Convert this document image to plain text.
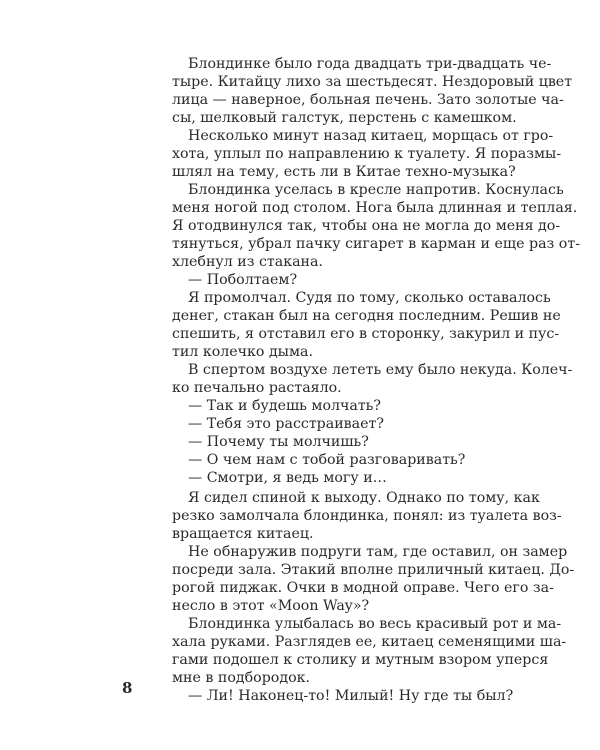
Блондинке было года двадцать три-двадцать че-
тыре. Китайцу лихо за шестьдесят. Нездоровый цвет
лица — наверное, больная печень. Зато золотые ча-
сы, шелковый галстук, перстень с камешком.
Несколько минут назад китаец, морщась от гро-
хота, уплыл по направлению к туалету. Я поразмы-
шлял на тему, есть ли в Китае техно-музыка?
Блондинка уселась в кресле напротив. Коснулась
меня ногой под столом. Нога была длинная и теплая.
Я отодвинулся так, чтобы она не могла до меня до-
тянуться, убрал пачку сигарет в карман и еще раз от-
хлебнул из стакана.
— Поболтаем?
Я промолчал. Судя по тому, сколько оставалось
денег, стакан был на сегодня последним. Решив не
спешить, я отставил его в сторонку, закурил и пус-
тил колечко дыма.
В спертом воздухе лететь ему было некуда. Колеч-
ко печально растаяло.
— Так и будешь молчать?
— Тебя это расстраивает?
— Почему ты молчишь?
— О чем нам с тобой разговаривать?
— Смотри, я ведь могу и…
Я сидел спиной к выходу. Однако по тому, как
резко замолчала блондинка, понял: из туалета воз-
вращается китаец.
Не обнаружив подруги там, где оставил, он замер
посреди зала. Этакий вполне приличный китаец. До-
рогой пиджак. Очки в модной оправе. Чего его за-
несло в этот «Moon Way»?
Блондинка улыбалась во весь красивый рот и ма-
хала руками. Разглядев ее, китаец семенящими ша-
гами подошел к столику и мутным взором уперся
мне в подбородок.
— Ли! Наконец-то! Милый! Ну где ты был?
8
